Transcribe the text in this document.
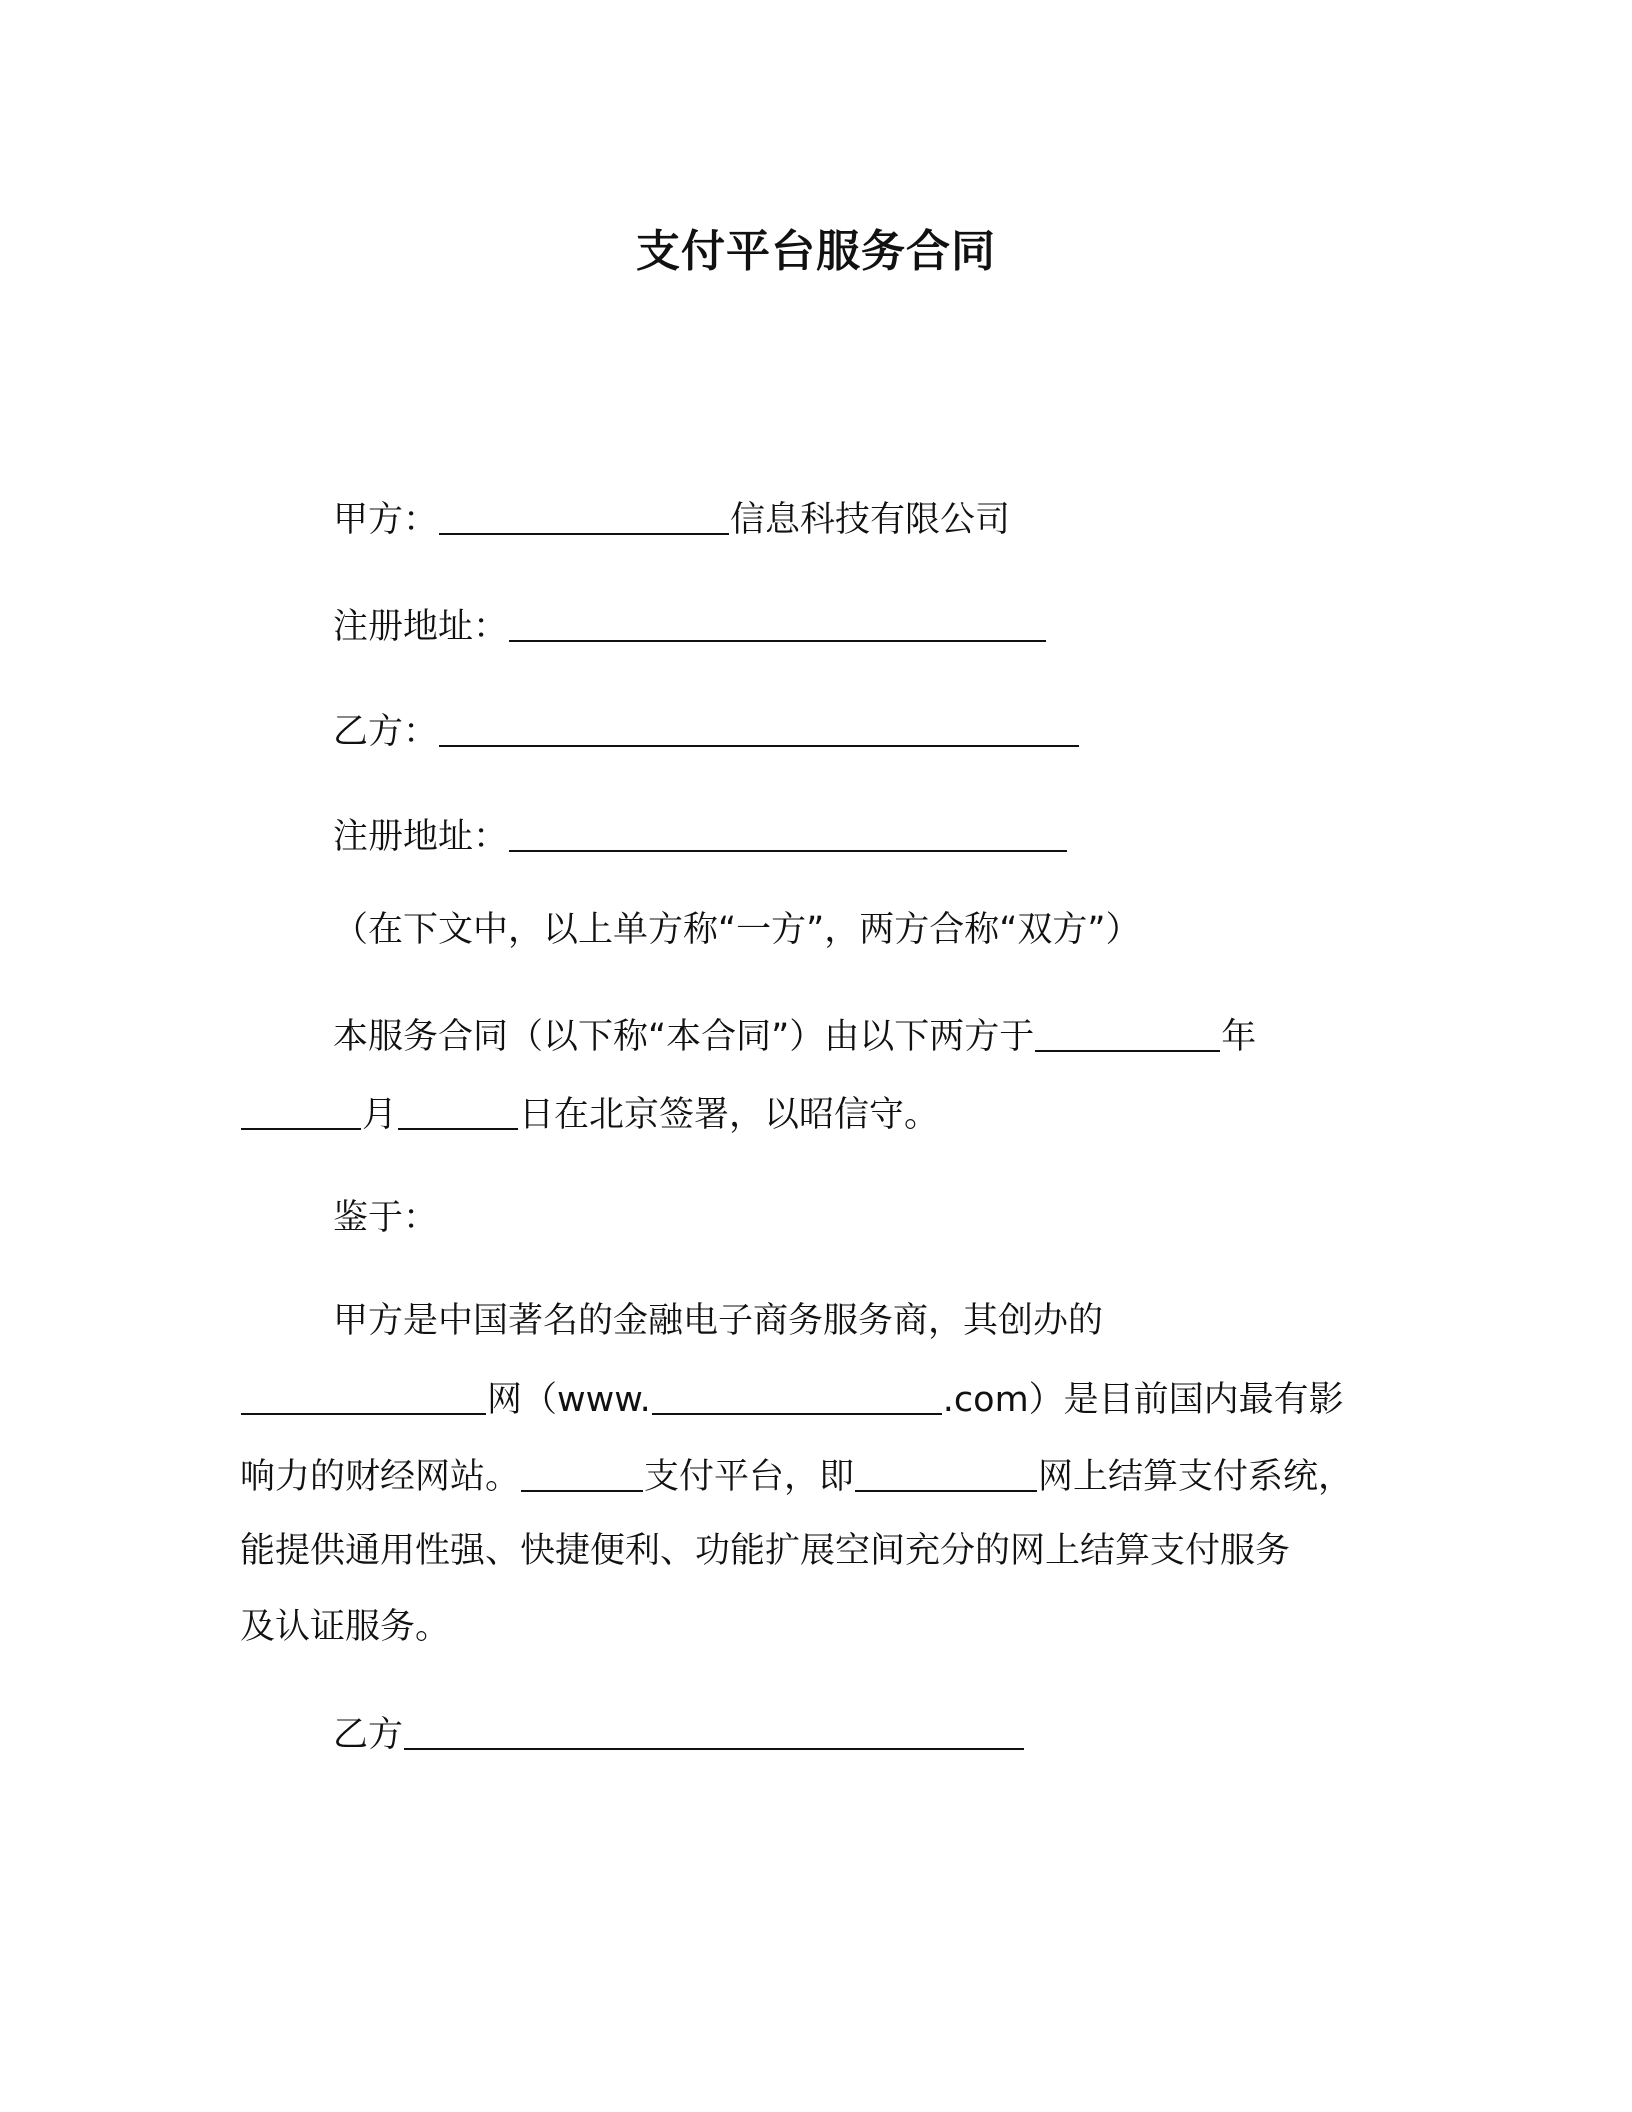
支付平台服务合同

甲方：	信息科技有限公司

注册地址：

乙方：

注册地址：

（在下文中，以上单方称“一方”，两方合称“双方”）

本服务合同（以下称“本合同”）由以下两方于	年

月	日在北京签署，以昭信守。

鉴于：

甲方是中国著名的金融电子商务服务商，其创办的

网（www.	.com）是目前国内最有影

响力的财经网站。	支付平台，即	网上结算支付系统，

能提供通用性强、快捷便利、功能扩展空间充分的网上结算支付服务

及认证服务。

乙方
